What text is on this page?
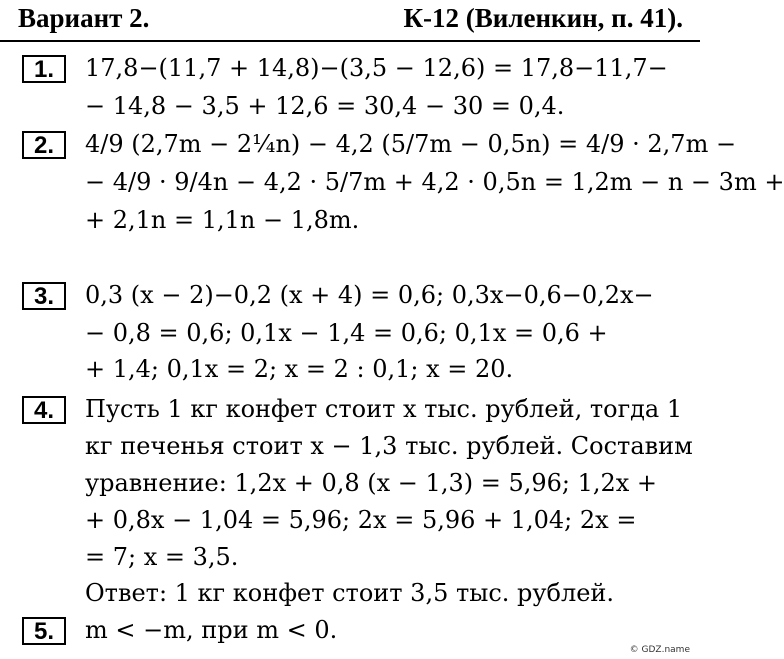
Вариант 2.	К-12 (Виленкин, п. 41).
1.	17,8−(11,7 + 14,8)−(3,5 − 12,6) = 17,8−11,7−
− 14,8 − 3,5 + 12,6 = 30,4 − 30 = 0,4.
2.	4/9 (2,7m − 2¼n) − 4,2 (5/7m − 0,5n) = 4/9 · 2,7m −
− 4/9 · 9/4n − 4,2 · 5/7m + 4,2 · 0,5n = 1,2m − n − 3m +
+ 2,1n = 1,1n − 1,8m.
3.	0,3 (x − 2)−0,2 (x + 4) = 0,6; 0,3x−0,6−0,2x−
− 0,8 = 0,6; 0,1x − 1,4 = 0,6; 0,1x = 0,6 +
+ 1,4; 0,1x = 2; x = 2 : 0,1; x = 20.
4.	Пусть 1 кг конфет стоит x тыс. рублей, тогда 1
кг печенья стоит x − 1,3 тыс. рублей. Составим
уравнение: 1,2x + 0,8 (x − 1,3) = 5,96; 1,2x +
+ 0,8x − 1,04 = 5,96; 2x = 5,96 + 1,04; 2x =
= 7; x = 3,5.
Ответ: 1 кг конфет стоит 3,5 тыс. рублей.
5.	m < −m, при m < 0.
© GDZ.name
